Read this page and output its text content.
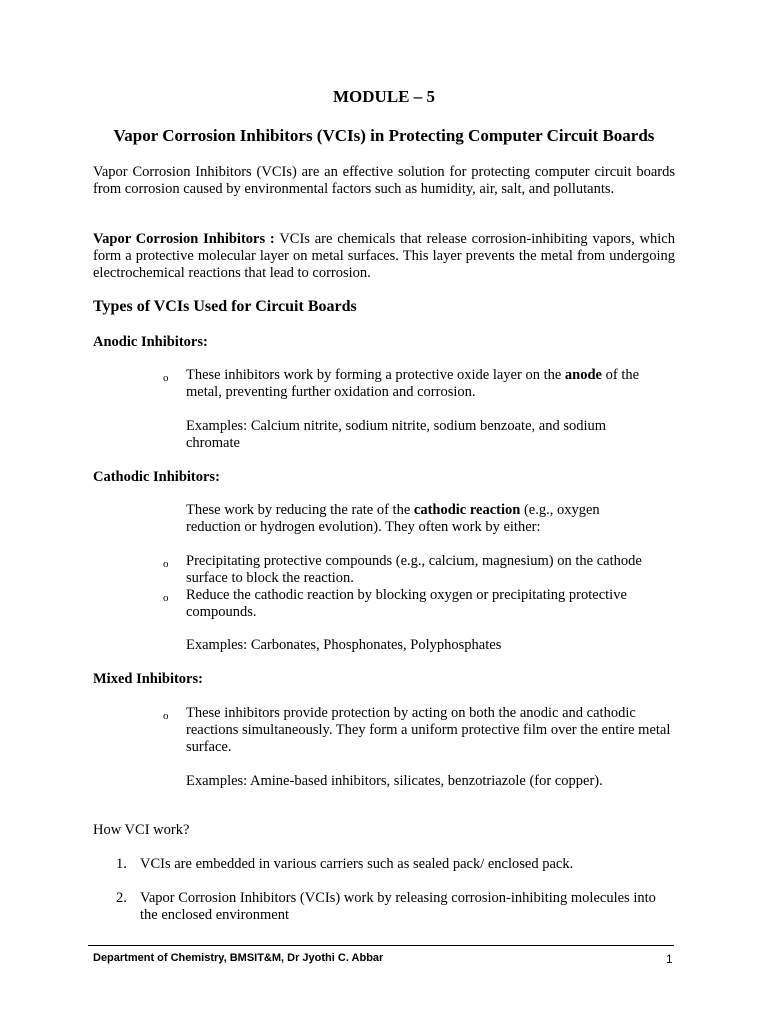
MODULE – 5
Vapor Corrosion Inhibitors (VCIs) in Protecting Computer Circuit Boards
Vapor Corrosion Inhibitors (VCIs) are an effective solution for protecting computer circuit boards from corrosion caused by environmental factors such as humidity, air, salt, and pollutants.
Vapor Corrosion Inhibitors : VCIs are chemicals that release corrosion-inhibiting vapors, which form a protective molecular layer on metal surfaces. This layer prevents the metal from undergoing electrochemical reactions that lead to corrosion.
Types of VCIs Used for Circuit Boards
Anodic Inhibitors:
o These inhibitors work by forming a protective oxide layer on the anode of the metal, preventing further oxidation and corrosion.
Examples: Calcium nitrite, sodium nitrite, sodium benzoate, and sodium chromate
Cathodic Inhibitors:
These work by reducing the rate of the cathodic reaction (e.g., oxygen reduction or hydrogen evolution). They often work by either:
o Precipitating protective compounds (e.g., calcium, magnesium) on the cathode surface to block the reaction.
o Reduce the cathodic reaction by blocking oxygen or precipitating protective compounds.
Examples: Carbonates, Phosphonates, Polyphosphates
Mixed Inhibitors:
o These inhibitors provide protection by acting on both the anodic and cathodic reactions simultaneously. They form a uniform protective film over the entire metal surface.
Examples: Amine-based inhibitors, silicates, benzotriazole (for copper).
How VCI work?
1. VCIs are embedded in various carriers such as sealed pack/ enclosed pack.
2. Vapor Corrosion Inhibitors (VCIs) work by releasing corrosion-inhibiting molecules into the enclosed environment
Department of Chemistry, BMSIT&M, Dr Jyothi C. Abbar	1
